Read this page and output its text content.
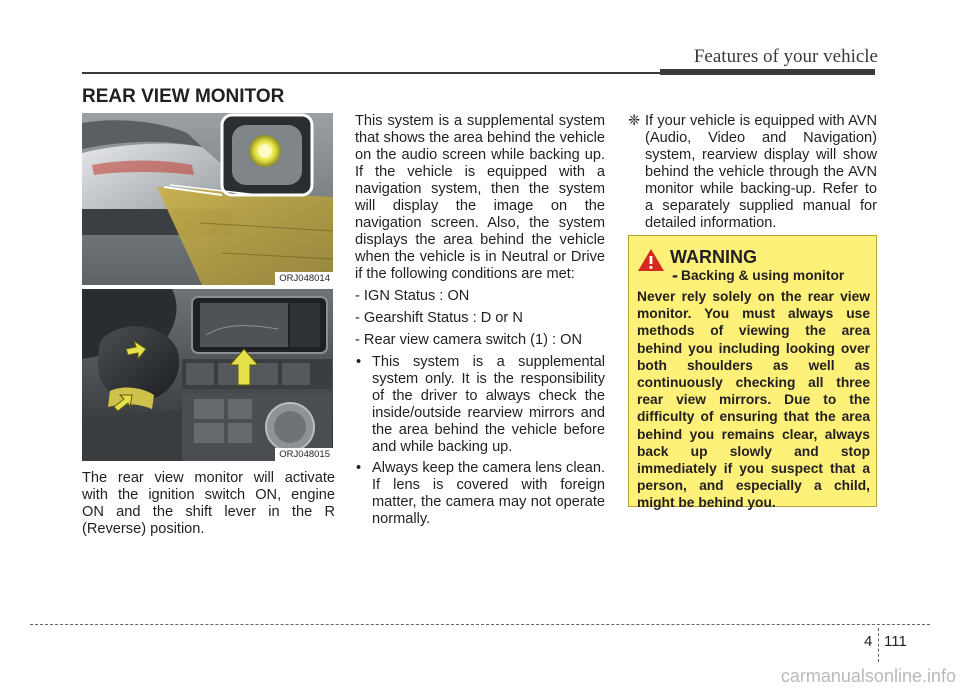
Features of your vehicle
REAR VIEW MONITOR
ORJ048014
ORJ048015
The rear view monitor will activate
with the ignition switch ON, engine
ON and the shift lever in the R
(Reverse) position.

This system is a supplemental system that shows the area behind the vehicle on the audio screen while backing up. If the vehicle is equipped with a navigation system, then the system will display the image on the navigation screen. Also, the system displays the area behind the vehicle when the vehicle is in Neutral or Drive if the following conditions are met:

- IGN Status : ON

- Gearshift Status : D or N

- Rear view camera switch (1) : ON

• This system is a supplemental system only. It is the responsibility of the driver to always check the inside/outside rearview mirrors and the area behind the vehicle before and while backing up.
• Always keep the camera lens clean. If lens is covered with foreign matter, the camera may not operate normally.
❈ If your vehicle is equipped with AVN (Audio, Video and Navigation) system, rearview display will show behind the vehicle through the AVN monitor while backing-up. Refer to a separately supplied manual for detailed information.
WARNING
- Backing & using monitor
Never rely solely on the rear view monitor. You must always use methods of viewing the area behind you including looking over both shoulders as well as continuously checking all three rear view mirrors. Due to the difficulty of ensuring that the area behind you remains clear, always back up slowly and stop immediately if you suspect that a person, and especially a child, might be behind you.
4 111
carmanualsonline.info
